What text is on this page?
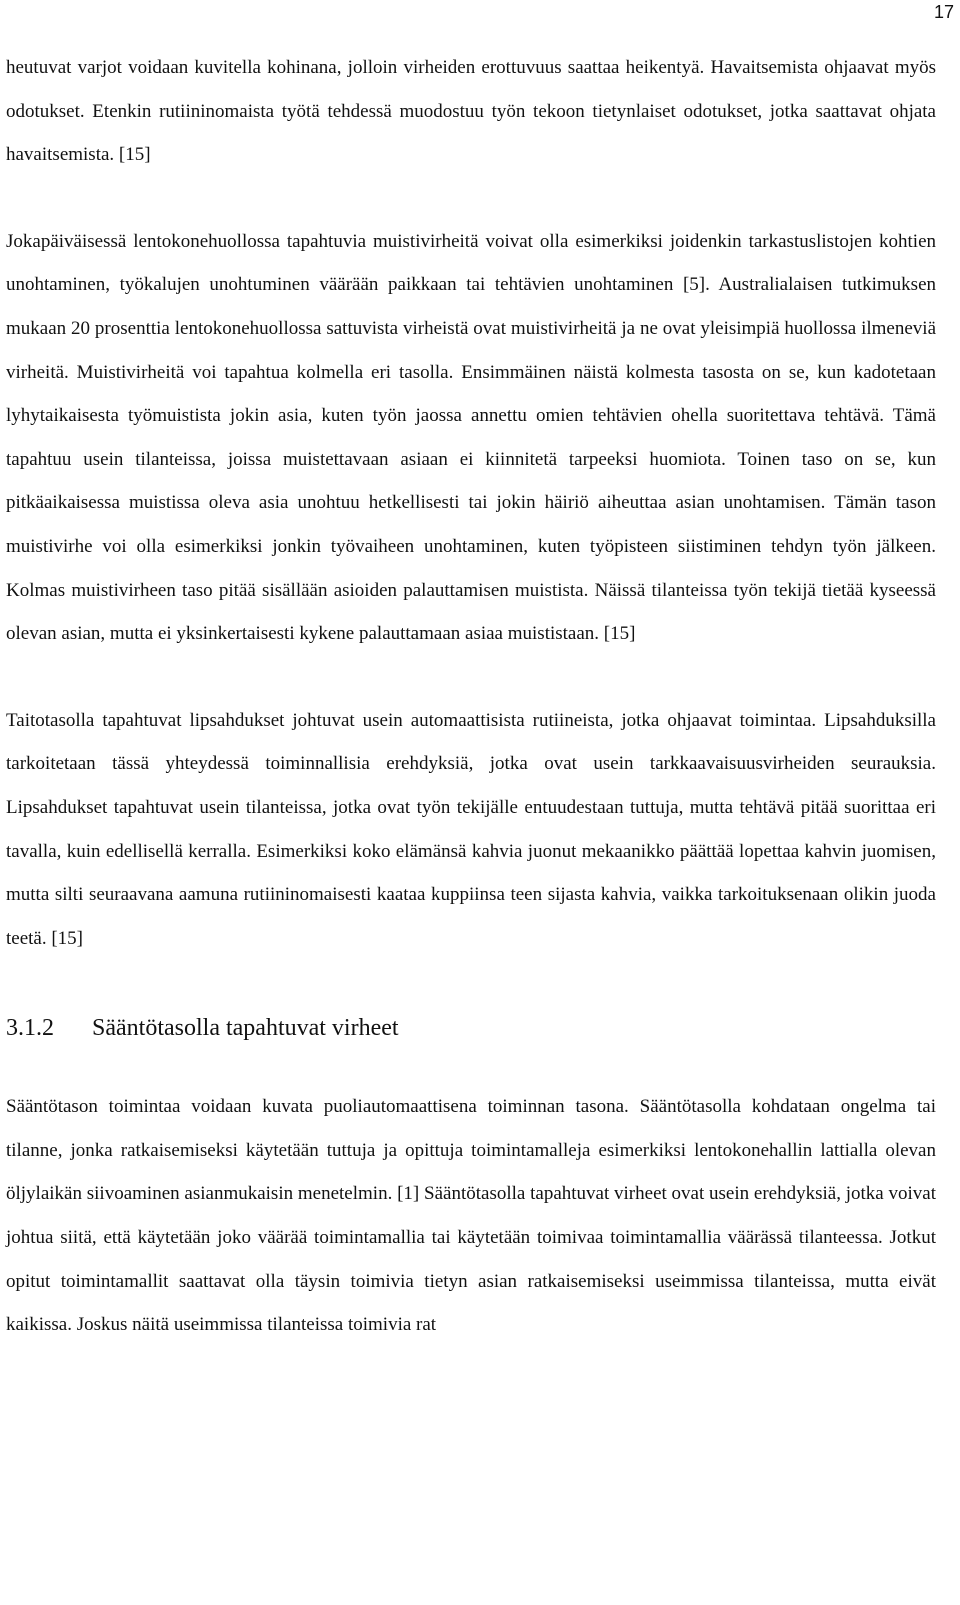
17

heutuvat varjot voidaan kuvitella kohinana, jolloin virheiden erottuvuus saattaa heikentyä. Havaitsemista ohjaavat myös odotukset. Etenkin rutiininomaista työtä tehdessä muodostuu työn tekoon tietynlaiset odotukset, jotka saattavat ohjata havaitsemista. [15]

Jokapäiväisessä lentokonehuollossa tapahtuvia muistivirheitä voivat olla esimerkiksi joidenkin tarkastuslistojen kohtien unohtaminen, työkalujen unohtuminen väärään paikkaan tai tehtävien unohtaminen [5]. Australialaisen tutkimuksen mukaan 20 prosenttia lentokonehuollossa sattuvista virheistä ovat muistivirheitä ja ne ovat yleisimpiä huollossa ilmeneviä virheitä. Muistivirheitä voi tapahtua kolmella eri tasolla. Ensimmäinen näistä kolmesta tasosta on se, kun kadotetaan lyhytaikaisesta työmuistista jokin asia, kuten työn jaossa annettu omien tehtävien ohella suoritettava tehtävä. Tämä tapahtuu usein tilanteissa, joissa muistettavaan asiaan ei kiinnitetä tarpeeksi huomiota. Toinen taso on se, kun pitkäaikaisessa muistissa oleva asia unohtuu hetkellisesti tai jokin häiriö aiheuttaa asian unohtamisen. Tämän tason muistivirhe voi olla esimerkiksi jonkin työvaiheen unohtaminen, kuten työpisteen siistiminen tehdyn työn jälkeen. Kolmas muistivirheen taso pitää sisällään asioiden palauttamisen muistista. Näissä tilanteissa työn tekijä tietää kyseessä olevan asian, mutta ei yksinkertaisesti kykene palauttamaan asiaa muististaan. [15]

Taitotasolla tapahtuvat lipsahdukset johtuvat usein automaattisista rutiineista, jotka ohjaavat toimintaa. Lipsahduksilla tarkoitetaan tässä yhteydessä toiminnallisia erehdyksiä, jotka ovat usein tarkkaavaisuusvirheiden seurauksia. Lipsahdukset tapahtuvat usein tilanteissa, jotka ovat työn tekijälle entuudestaan tuttuja, mutta tehtävä pitää suorittaa eri tavalla, kuin edellisellä kerralla. Esimerkiksi koko elämänsä kahvia juonut mekaanikko päättää lopettaa kahvin juomisen, mutta silti seuraavana aamuna rutiininomaisesti kaataa kuppiinsa teen sijasta kahvia, vaikka tarkoituksenaan olikin juoda teetä. [15]

3.1.2 Sääntötasolla tapahtuvat virheet

Sääntötason toimintaa voidaan kuvata puoliautomaattisena toiminnan tasona. Sääntötasolla kohdataan ongelma tai tilanne, jonka ratkaisemiseksi käytetään tuttuja ja opittuja toimintamalleja esimerkiksi lentokonehallin lattialla olevan öljylaikän siivoaminen asianmukaisin menetelmin. [1] Sääntötasolla tapahtuvat virheet ovat usein erehdyksiä, jotka voivat johtua siitä, että käytetään joko väärää toimintamallia tai käytetään toimivaa toimintamallia väärässä tilanteessa. Jotkut opitut toimintamallit saattavat olla täysin toimivia tietyn asian ratkaisemiseksi useimmissa tilanteissa, mutta eivät kaikissa. Joskus näitä useimmissa tilanteissa toimivia rat
